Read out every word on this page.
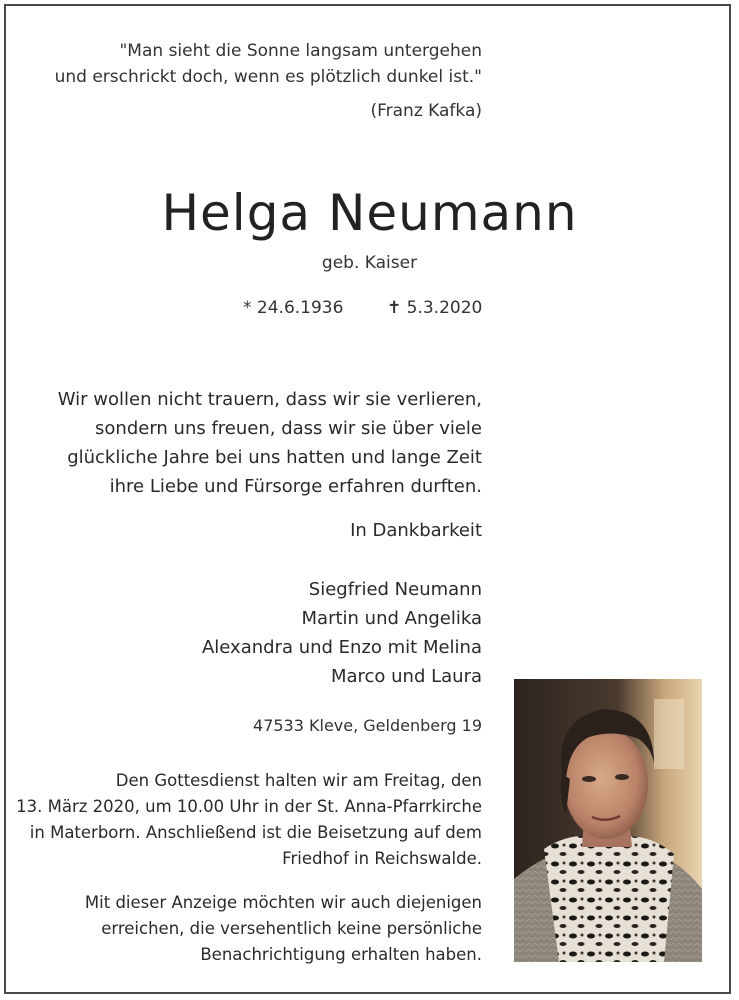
"Man sieht die Sonne langsam untergehen
und erschrickt doch, wenn es plötzlich dunkel ist."
(Franz Kafka)
Helga Neumann
geb. Kaiser
* 24.6.1936	✝ 5.3.2020
Wir wollen nicht trauern, dass wir sie verlieren,
sondern uns freuen, dass wir sie über viele
glückliche Jahre bei uns hatten und lange Zeit
ihre Liebe und Fürsorge erfahren durften.
In Dankbarkeit
Siegfried Neumann
Martin und Angelika
Alexandra und Enzo mit Melina
Marco und Laura
47533 Kleve, Geldenberg 19
Den Gottesdienst halten wir am Freitag, den
13. März 2020, um 10.00 Uhr in der St. Anna-Pfarrkirche
in Materborn. Anschließend ist die Beisetzung auf dem
Friedhof in Reichswalde.
Mit dieser Anzeige möchten wir auch diejenigen
erreichen, die versehentlich keine persönliche
Benachrichtigung erhalten haben.
